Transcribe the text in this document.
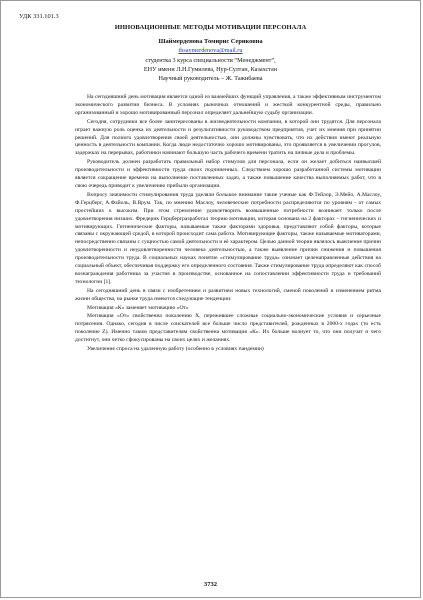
УДК 331.101.3
ИННОВАЦИОННЫЕ МЕТОДЫ МОТИВАЦИИ ПЕРСОНАЛА
Шаймерденова Томирис Сериковна
thsaymerdenova@mail.ru
студентка 3 курса специальности “Менеджмент”,
ЕНУ имени Л.Н.Гумилева, Нур-Султан, Казахстан
Научный руководитель – Ж. Тажибаева

На сегодняшний день мотивация является одной из важнейших функций управления, а также эффективным инструментом экономического развития бизнеса. В условиях рыночных отношений и жесткой конкурентной среды, правильно организованный и хорошо мотивированный персонал определяет дальнейшую судьбу организации.

Сегодня, сотрудники все более заинтересованы в жизнедеятельности компании, в которой они трудятся. Для персонала играет важную роль оценка их деятельности и результативности руководством предприятия, учет их мнения при принятии решений. Для полного удовлетворения своей деятельностью, они должны чувствовать, что их действия имеют реальную ценность в деятельности компании. Когда люди недостаточно хорошо мотивированы, это проявляется в увеличении прогулов, задержках на перерывах, работники начинают большую часть рабочего времени тратить на личные дела и проблемы.

Руководитель должен разработать правильный набор стимулов для персонала, если он желает добиться наивысшей производительности и эффективности труда своих подчиненных. Следствием хорошо разработанной системы мотивации является сокращение времени на выполнение поставленных задач, а также повышение качества выполняемых работ, что в свою очередь приводит к увеличению прибыли организации.

Вопросу значимости стимулирования труда уделяли большое внимание такие ученые как Ф.Тейлор, Э.Мейо, А.Маслоу, Ф.Герцберг, А.Файоль, В.Врум. Так, по мнению Маслоу, человеческие потребности распределяются по уровням - от самых простейших к высоким. При этом стремление удовлетворить возвышенные потребности возникает только после удовлетворения низших. Фредерик Герцбергразработал теорию мотивации, которая основана на 2 факторах – гигиенических и мотивирующих. Гигиенические факторы, называемые также факторами здоровья, представляют собой факторы, которые связаны с окружающей средой, в которой происходит сама работа. Мотивирующие факторы, также называемые мотиваторами, непосредственно связаны с сущностью самой деятельности и её характером. Целью данной теории являлось выяснение причин удовлетворенности и неудовлетворенности человека деятельностью, а также выявление причин снижения и повышения производительности труда. В социальных науках понятие «стимулирование труда» означает целенаправленные действия на социальный объект, обеспечивая поддержку его определенного состояния. Также стимулирование труда определяют как способ вознаграждения работника за участие в производстве, основанное на сопоставлении эффективности труда и требований технологии [1].

На сегодняшний день в связи с изобретением и развитием новых технологий, сменой поколений и изменением ритма жизни общества, на рынке труда имеются следующие тенденции:

Мотивация «К» заменяет мотивацию «От»

Мотивация «От» свойственна поколению X, пережившее сложные социально-экономические условия и серьезные потрясения. Однако, сегодня в числе соискателей все больше число представителей, рожденных в 2000-х годах (то есть поколение Z). Именно таким представителям свойственна мотивация «К». Их больше волнует то, что они получат и чего достигнут, они четко сфокусированы на своих целях и желаниях.

Увеличение спроса на удаленную работу (особенно в условиях пандемии)

3732
